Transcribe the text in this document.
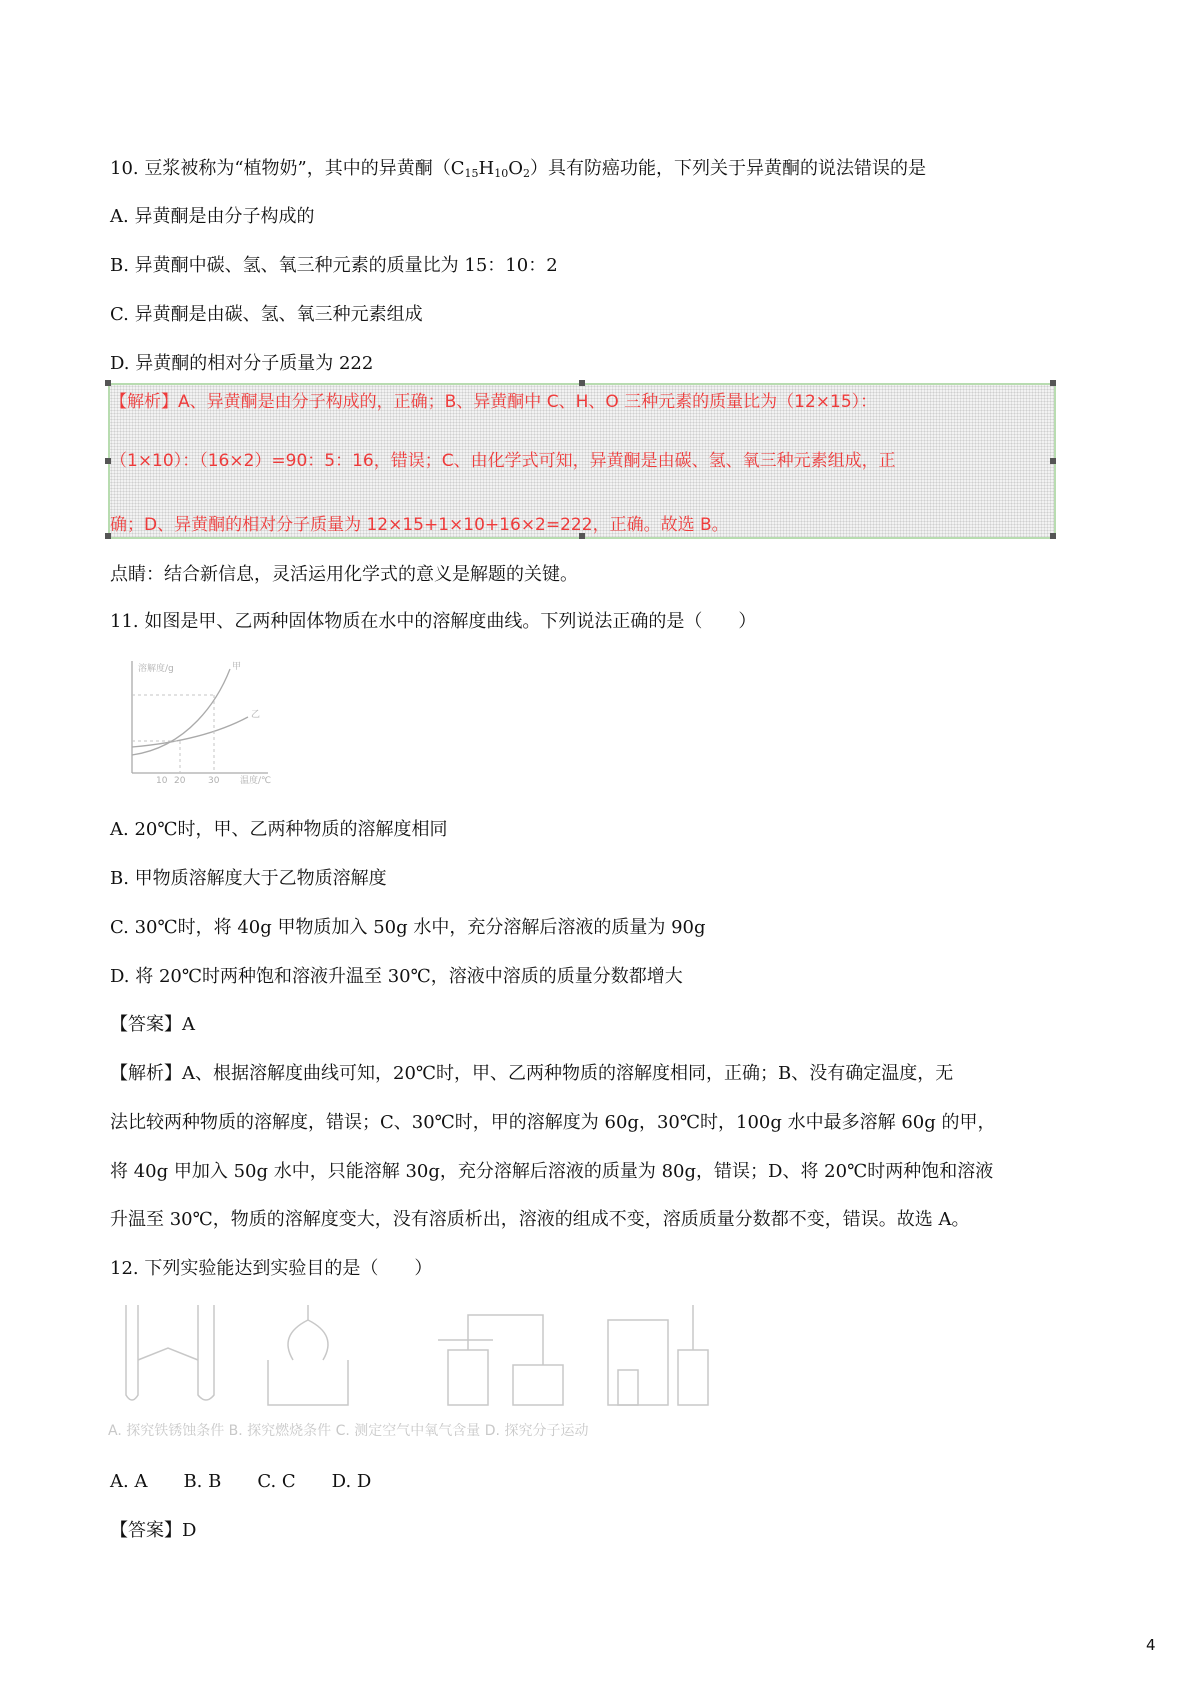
10. 豆浆被称为“植物奶”，其中的异黄酮$(C_{15}H_{10}O_2)$具有防癌功能，下列关于异黄酮的说法错误的是
A. 异黄酮是由分子构成的
B. 异黄酮中碳、氢、氧三种元素的质量比为 15：10：2
C. 异黄酮是由碳、氢、氧三种元素组成
D. 异黄酮的相对分子质量为 222
【解析】A、异黄酮是由分子构成的，正确；B、异黄酮中 C、H、O 三种元素的质量比为（12×15）：
（1×10）：（16×2）=90：5：16，错误；C、由化学式可知，异黄酮是由碳、氢、氧三种元素组成，正
确；D、异黄酮的相对分子质量为 12×15+1×10+16×2=222，正确。故选 B。
点睛：结合新信息，灵活运用化学式的意义是解题的关键。
11. 如图是甲、乙两种固体物质在水中的溶解度曲线。下列说法正确的是（　　）
溶解度/g
温度/℃
甲
乙
10 20	30
A. 20℃时，甲、乙两种物质的溶解度相同
B. 甲物质溶解度大于乙物质溶解度
C. 30℃时，将 40g 甲物质加入 50g 水中，充分溶解后溶液的质量为 90g
D. 将 20℃时两种饱和溶液升温至 30℃，溶液中溶质的质量分数都增大
【答案】A
【解析】A、根据溶解度曲线可知，20℃时，甲、乙两种物质的溶解度相同，正确；B、没有确定温度，无
法比较两种物质的溶解度，错误；C、30℃时，甲的溶解度为 60g，30℃时，100g 水中最多溶解 60g 的甲，
将 40g 甲加入 50g 水中，只能溶解 30g，充分溶解后溶液的质量为 80g，错误；D、将 20℃时两种饱和溶液
升温至 30℃，物质的溶解度变大，没有溶质析出，溶液的组成不变，溶质质量分数都不变，错误。故选 A。
12. 下列实验能达到实验目的是（　　）
A. 探究铁锈蚀条件 B. 探究燃烧条件 C. 测定空气中氧气含量 D. 探究分子运动
A. A　　B. B　　C. C　　D. D
【答案】D
4
